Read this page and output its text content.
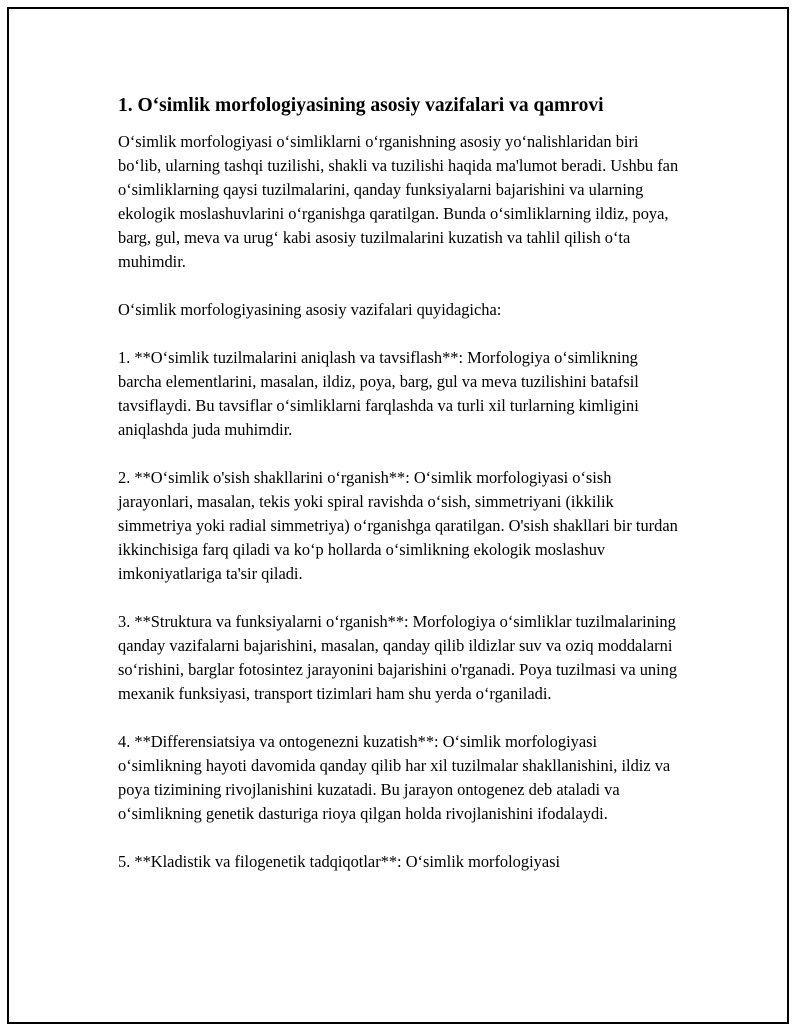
1. O‘simlik morfologiyasining asosiy vazifalari va qamrovi

O‘simlik morfologiyasi o‘simliklarni o‘rganishning asosiy yo‘nalishlaridan biri bo‘lib, ularning tashqi tuzilishi, shakli va tuzilishi haqida ma'lumot beradi. Ushbu fan o‘simliklarning qaysi tuzilmalarini, qanday funksiyalarni bajarishini va ularning ekologik moslashuvlarini o‘rganishga qaratilgan. Bunda o‘simliklarning ildiz, poya, barg, gul, meva va urug‘ kabi asosiy tuzilmalarini kuzatish va tahlil qilish o‘ta muhimdir.

O‘simlik morfologiyasining asosiy vazifalari quyidagicha:

1. **O‘simlik tuzilmalarini aniqlash va tavsiflash**: Morfologiya o‘simlikning barcha elementlarini, masalan, ildiz, poya, barg, gul va meva tuzilishini batafsil tavsiflaydi. Bu tavsiflar o‘simliklarni farqlashda va turli xil turlarning kimligini aniqlashda juda muhimdir.

2. **O‘simlik o'sish shakllarini o‘rganish**: O‘simlik morfologiyasi o‘sish jarayonlari, masalan, tekis yoki spiral ravishda o‘sish, simmetriyani (ikkilik simmetriya yoki radial simmetriya) o‘rganishga qaratilgan. O'sish shakllari bir turdan ikkinchisiga farq qiladi va ko‘p hollarda o‘simlikning ekologik moslashuv imkoniyatlariga ta'sir qiladi.

3. **Struktura va funksiyalarni o‘rganish**: Morfologiya o‘simliklar tuzilmalarining qanday vazifalarni bajarishini, masalan, qanday qilib ildizlar suv va oziq moddalarni so‘rishini, barglar fotosintez jarayonini bajarishini o'rganadi. Poya tuzilmasi va uning mexanik funksiyasi, transport tizimlari ham shu yerda o‘rganiladi.

4. **Differensiatsiya va ontogenezni kuzatish**: O‘simlik morfologiyasi o‘simlikning hayoti davomida qanday qilib har xil tuzilmalar shakllanishini, ildiz va poya tizimining rivojlanishini kuzatadi. Bu jarayon ontogenez deb ataladi va o‘simlikning genetik dasturiga rioya qilgan holda rivojlanishini ifodalaydi.

5. **Kladistik va filogenetik tadqiqotlar**: O‘simlik morfologiyasi
